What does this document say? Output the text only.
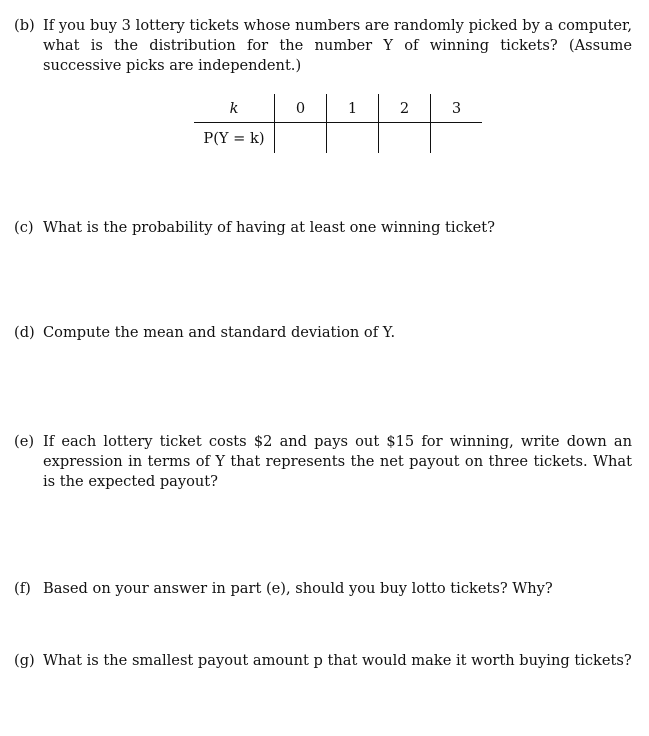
(b) If you buy 3 lottery tickets whose numbers are randomly picked by a computer, what is the distribution for the number Y of winning tickets? (Assume successive picks are independent.)
k	0	1	2	3
P(Y = k)				
(c) What is the probability of having at least one winning ticket?
(d) Compute the mean and standard deviation of Y.
(e) If each lottery ticket costs $2 and pays out $15 for winning, write down an expression in terms of Y that represents the net payout on three tickets. What is the expected payout?
(f) Based on your answer in part (e), should you buy lotto tickets? Why?
(g) What is the smallest payout amount p that would make it worth buying tickets?
